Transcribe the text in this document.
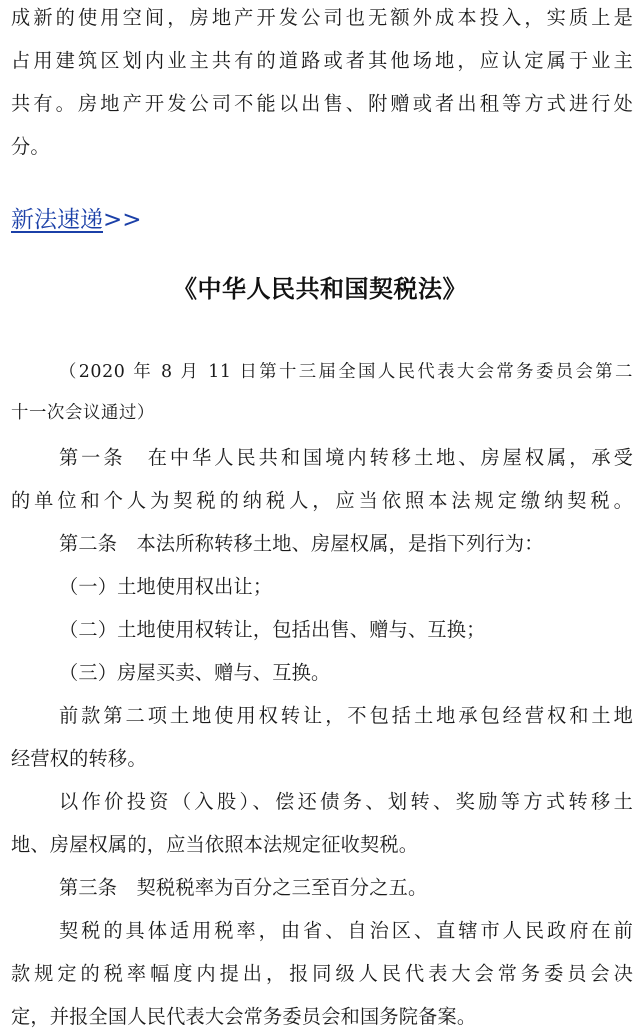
成新的使用空间，房地产开发公司也无额外成本投入，实质上是
占用建筑区划内业主共有的道路或者其他场地，应认定属于业主
共有。房地产开发公司不能以出售、附赠或者出租等方式进行处
分。
新法速递>>
《中华人民共和国契税法》
（2020 年 8 月 11 日第十三届全国人民代表大会常务委员会第二
十一次会议通过）
第一条　在中华人民共和国境内转移土地、房屋权属，承受
的单位和个人为契税的纳税人，应当依照本法规定缴纳契税。
第二条　本法所称转移土地、房屋权属，是指下列行为：
（一）土地使用权出让；
（二）土地使用权转让，包括出售、赠与、互换；
（三）房屋买卖、赠与、互换。
前款第二项土地使用权转让，不包括土地承包经营权和土地
经营权的转移。
以作价投资（入股）、偿还债务、划转、奖励等方式转移土
地、房屋权属的，应当依照本法规定征收契税。
第三条　契税税率为百分之三至百分之五。
契税的具体适用税率，由省、自治区、直辖市人民政府在前
款规定的税率幅度内提出，报同级人民代表大会常务委员会决
定，并报全国人民代表大会常务委员会和国务院备案。
